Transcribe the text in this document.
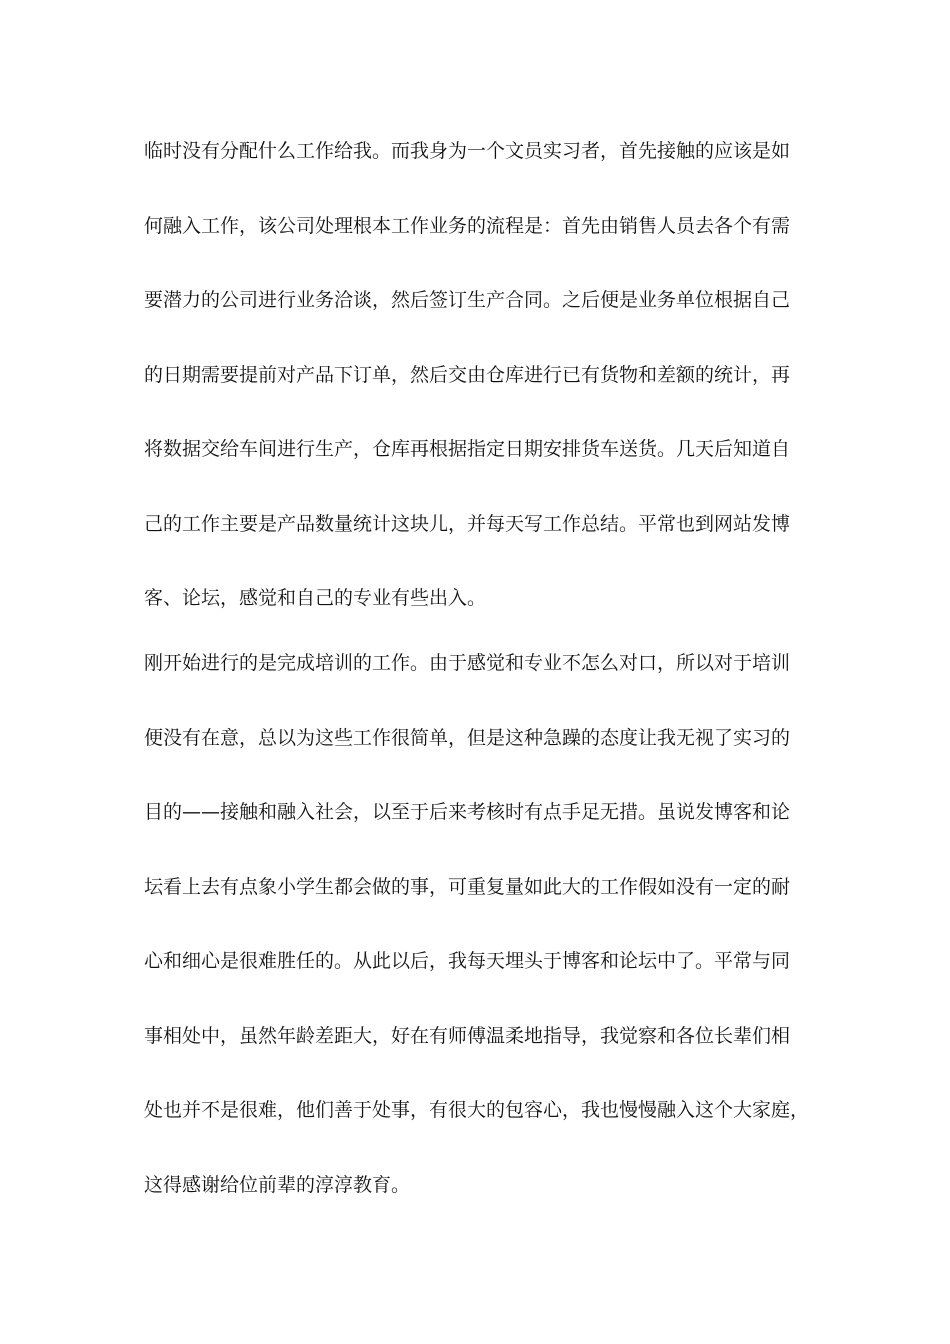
临时没有分配什么工作给我。而我身为一个文员实习者，首先接触的应该是如
何融入工作，该公司处理根本工作业务的流程是：首先由销售人员去各个有需
要潜力的公司进行业务洽谈，然后签订生产合同。之后便是业务单位根据自己
的日期需要提前对产品下订单，然后交由仓库进行已有货物和差额的统计，再
将数据交给车间进行生产，仓库再根据指定日期安排货车送货。几天后知道自
己的工作主要是产品数量统计这块儿，并每天写工作总结。平常也到网站发博
客、论坛，感觉和自己的专业有些出入。
刚开始进行的是完成培训的工作。由于感觉和专业不怎么对口，所以对于培训
便没有在意，总以为这些工作很简单，但是这种急躁的态度让我无视了实习的
目的——接触和融入社会，以至于后来考核时有点手足无措。虽说发博客和论
坛看上去有点象小学生都会做的事，可重复量如此大的工作假如没有一定的耐
心和细心是很难胜任的。从此以后，我每天埋头于博客和论坛中了。平常与同
事相处中，虽然年龄差距大，好在有师傅温柔地指导，我觉察和各位长辈们相
处也并不是很难，他们善于处事，有很大的包容心，我也慢慢融入这个大家庭，
这得感谢给位前辈的淳淳教育。
